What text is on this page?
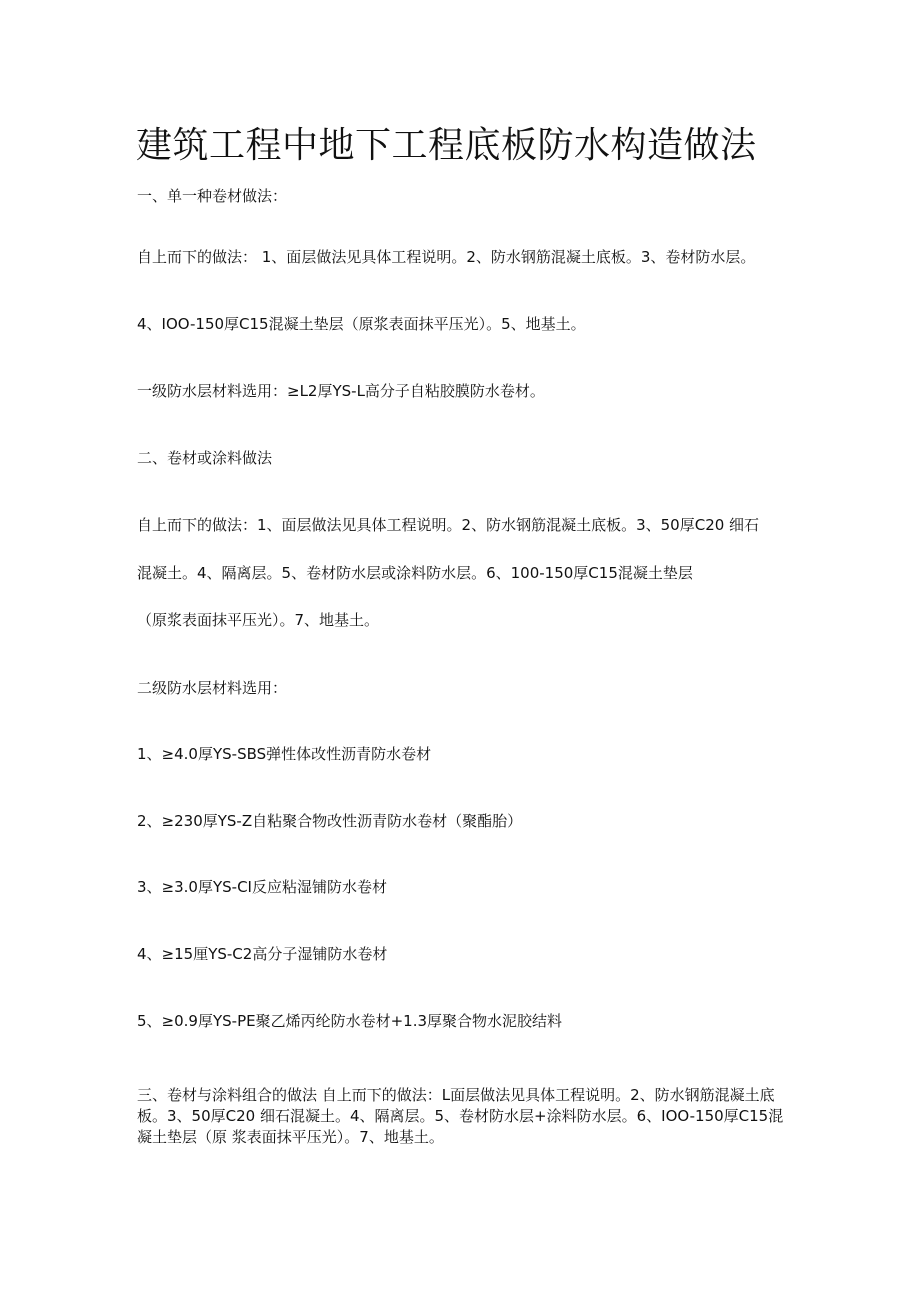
建筑工程中地下工程底板防水构造做法

一、单一种卷材做法：

自上而下的做法： 1、面层做法见具体工程说明。2、防水钢筋混凝土底板。3、卷材防水层。

4、IOO-150厚C15混凝土垫层（原浆表面抹平压光）。5、地基土。

一级防水层材料选用：≥L2厚YS-L高分子自粘胶膜防水卷材。

二、卷材或涂料做法

自上而下的做法：1、面层做法见具体工程说明。2、防水钢筋混凝土底板。3、50厚C20 细石

混凝土。4、隔离层。5、卷材防水层或涂料防水层。6、100-150厚C15混凝土垫层

（原浆表面抹平压光）。7、地基土。

二级防水层材料选用：

1、≥4.0厚YS-SBS弹性体改性沥青防水卷材

2、≥230厚YS-Z自粘聚合物改性沥青防水卷材（聚酯胎）

3、≥3.0厚YS-CI反应粘湿铺防水卷材

4、≥15厘YS-C2高分子湿铺防水卷材

5、≥0.9厚YS-PE聚乙烯丙纶防水卷材+1.3厚聚合物水泥胶结料

三、卷材与涂料组合的做法 自上而下的做法：L面层做法见具体工程说明。2、防水钢筋混凝土底板。3、50厚C20 细石混凝土。4、隔离层。5、卷材防水层+涂料防水层。6、IOO-150厚C15混凝土垫层（原 浆表面抹平压光）。7、地基土。
